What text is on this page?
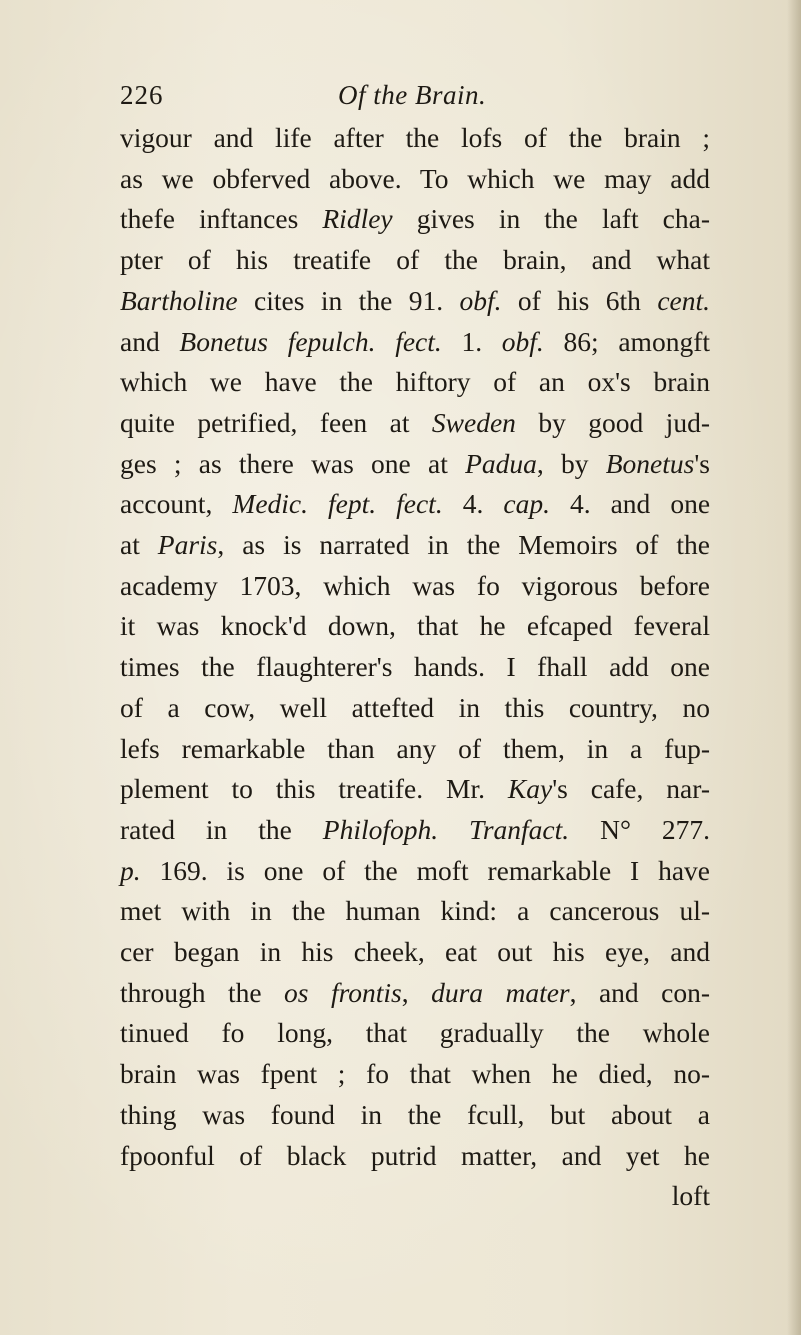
226	Of the Brain.
vigour and life after the lofs of the brain ;
as we obferved above. To which we may add
thefe inftances Ridley gives in the laft cha-
pter of his treatife of the brain, and what
Bartholine cites in the 91. obf. of his 6th cent.
and Bonetus fepulch. fect. 1. obf. 86; amongft
which we have the hiftory of an ox's brain
quite petrified, feen at Sweden by good jud-
ges ; as there was one at Padua, by Bonetus's
account, Medic. fept. fect. 4. cap. 4. and one
at Paris, as is narrated in the Memoirs of the
academy 1703, which was fo vigorous before
it was knock'd down, that he efcaped feveral
times the flaughterer's hands. I fhall add one
of a cow, well attefted in this country, no
lefs remarkable than any of them, in a fup-
plement to this treatife. Mr. Kay's cafe, nar-
rated in the Philofoph. Tranfact. N° 277.
p. 169. is one of the moft remarkable I have
met with in the human kind: a cancerous ul-
cer began in his cheek, eat out his eye, and
through the os frontis, dura mater, and con-
tinued fo long, that gradually the whole
brain was fpent ; fo that when he died, no-
thing was found in the fcull, but about a
fpoonful of black putrid matter, and yet he
loft
